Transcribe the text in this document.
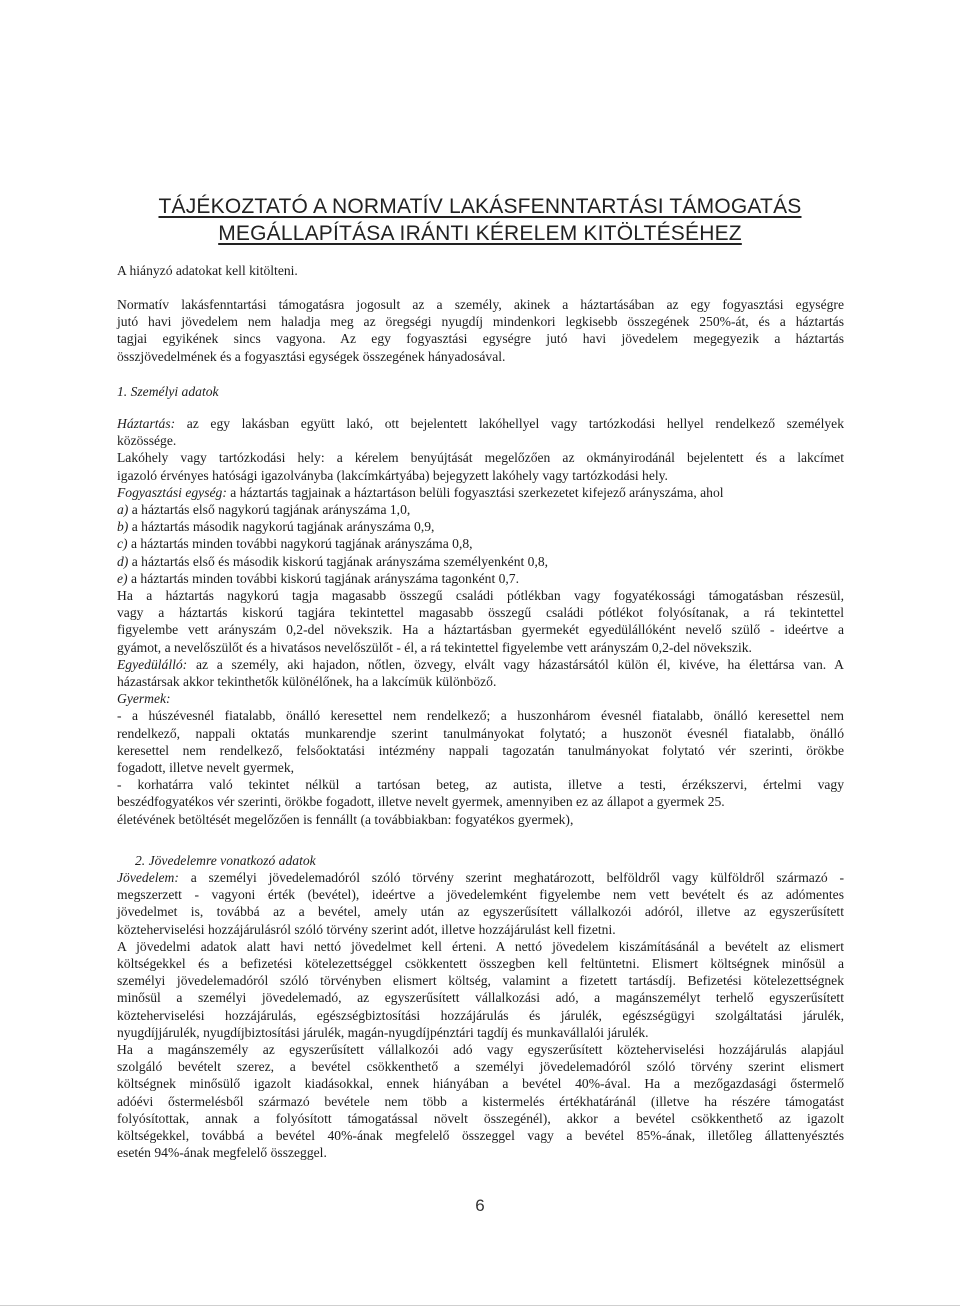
TÁJÉKOZTATÓ A NORMATÍV LAKÁSFENNTARTÁSI TÁMOGATÁS
MEGÁLLAPÍTÁSA IRÁNTI KÉRELEM KITÖLTÉSÉHEZ

A hiányzó adatokat kell kitölteni.

Normatív lakásfenntartási támogatásra jogosult az a személy, akinek a háztartásában az egy fogyasztási egységre
jutó havi jövedelem nem haladja meg az öregségi nyugdíj mindenkori legkisebb összegének 250%-át, és a háztartás
tagjai egyikének sincs vagyona. Az egy fogyasztási egységre jutó havi jövedelem megegyezik a háztartás
összjövedelmének és a fogyasztási egységek összegének hányadosával.

1. Személyi adatok

Háztartás: az egy lakásban együtt lakó, ott bejelentett lakóhellyel vagy tartózkodási hellyel rendelkező személyek
közössége.
Lakóhely vagy tartózkodási hely: a kérelem benyújtását megelőzően az okmányirodánál bejelentett és a lakcímet
igazoló érvényes hatósági igazolványba (lakcímkártyába) bejegyzett lakóhely vagy tartózkodási hely.
Fogyasztási egység: a háztartás tagjainak a háztartáson belüli fogyasztási szerkezetet kifejező arányszáma, ahol
a) a háztartás első nagykorú tagjának arányszáma 1,0,
b) a háztartás második nagykorú tagjának arányszáma 0,9,
c) a háztartás minden további nagykorú tagjának arányszáma 0,8,
d) a háztartás első és második kiskorú tagjának arányszáma személyenként 0,8,
e) a háztartás minden további kiskorú tagjának arányszáma tagonként 0,7.
Ha a háztartás nagykorú tagja magasabb összegű családi pótlékban vagy fogyatékossági támogatásban részesül,
vagy a háztartás kiskorú tagjára tekintettel magasabb összegű családi pótlékot folyósítanak, a rá tekintettel
figyelembe vett arányszám 0,2-del növekszik. Ha a háztartásban gyermekét egyedülállóként nevelő szülő - ideértve a
gyámot, a nevelőszülőt és a hivatásos nevelőszülőt - él, a rá tekintettel figyelembe vett arányszám 0,2-del növekszik.
Egyedülálló: az a személy, aki hajadon, nőtlen, özvegy, elvált vagy házastársától külön él, kivéve, ha élettársa van. A
házastársak akkor tekinthetők különélőnek, ha a lakcímük különböző.
Gyermek:
- a húszévesnél fiatalabb, önálló keresettel nem rendelkező; a huszonhárom évesnél fiatalabb, önálló keresettel nem
rendelkező, nappali oktatás munkarendje szerint tanulmányokat folytató; a huszonöt évesnél fiatalabb, önálló
keresettel nem rendelkező, felsőoktatási intézmény nappali tagozatán tanulmányokat folytató vér szerinti, örökbe
fogadott, illetve nevelt gyermek,
- korhatárra való tekintet nélkül a tartósan beteg, az autista, illetve a testi, érzékszervi, értelmi vagy
beszédfogyatékos vér szerinti, örökbe fogadott, illetve nevelt gyermek, amennyiben ez az állapot a gyermek 25.
életévének betöltését megelőzően is fennállt (a továbbiakban: fogyatékos gyermek),

2. Jövedelemre vonatkozó adatok

Jövedelem: a személyi jövedelemadóról szóló törvény szerint meghatározott, belföldről vagy külföldről származó -
megszerzett - vagyoni érték (bevétel), ideértve a jövedelemként figyelembe nem vett bevételt és az adómentes
jövedelmet is, továbbá az a bevétel, amely után az egyszerűsített vállalkozói adóról, illetve az egyszerűsített
közteherviselési hozzájárulásról szóló törvény szerint adót, illetve hozzájárulást kell fizetni.
A jövedelmi adatok alatt havi nettó jövedelmet kell érteni. A nettó jövedelem kiszámításánál a bevételt az elismert
költségekkel és a befizetési kötelezettséggel csökkentett összegben kell feltüntetni. Elismert költségnek minősül a
személyi jövedelemadóról szóló törvényben elismert költség, valamint a fizetett tartásdíj. Befizetési kötelezettségnek
minősül a személyi jövedelemadó, az egyszerűsített vállalkozási adó, a magánszemélyt terhelő egyszerűsített
közteherviselési hozzájárulás, egészségbiztosítási hozzájárulás és járulék, egészségügyi szolgáltatási járulék,
nyugdíjjárulék, nyugdíjbiztosítási járulék, magán-nyugdíjpénztári tagdíj és munkavállalói járulék.
Ha a magánszemély az egyszerűsített vállalkozói adó vagy egyszerűsített közteherviselési hozzájárulás alapjául
szolgáló bevételt szerez, a bevétel csökkenthető a személyi jövedelemadóról szóló törvény szerint elismert
költségnek minősülő igazolt kiadásokkal, ennek hiányában a bevétel 40%-ával. Ha a mezőgazdasági őstermelő
adóévi őstermelésből származó bevétele nem több a kistermelés értékhatáránál (illetve ha részére támogatást
folyósítottak, annak a folyósított támogatással növelt összegénél), akkor a bevétel csökkenthető az igazolt
költségekkel, továbbá a bevétel 40%-ának megfelelő összeggel vagy a bevétel 85%-ának, illetőleg állattenyésztés
esetén 94%-ának megfelelő összeggel.
6
